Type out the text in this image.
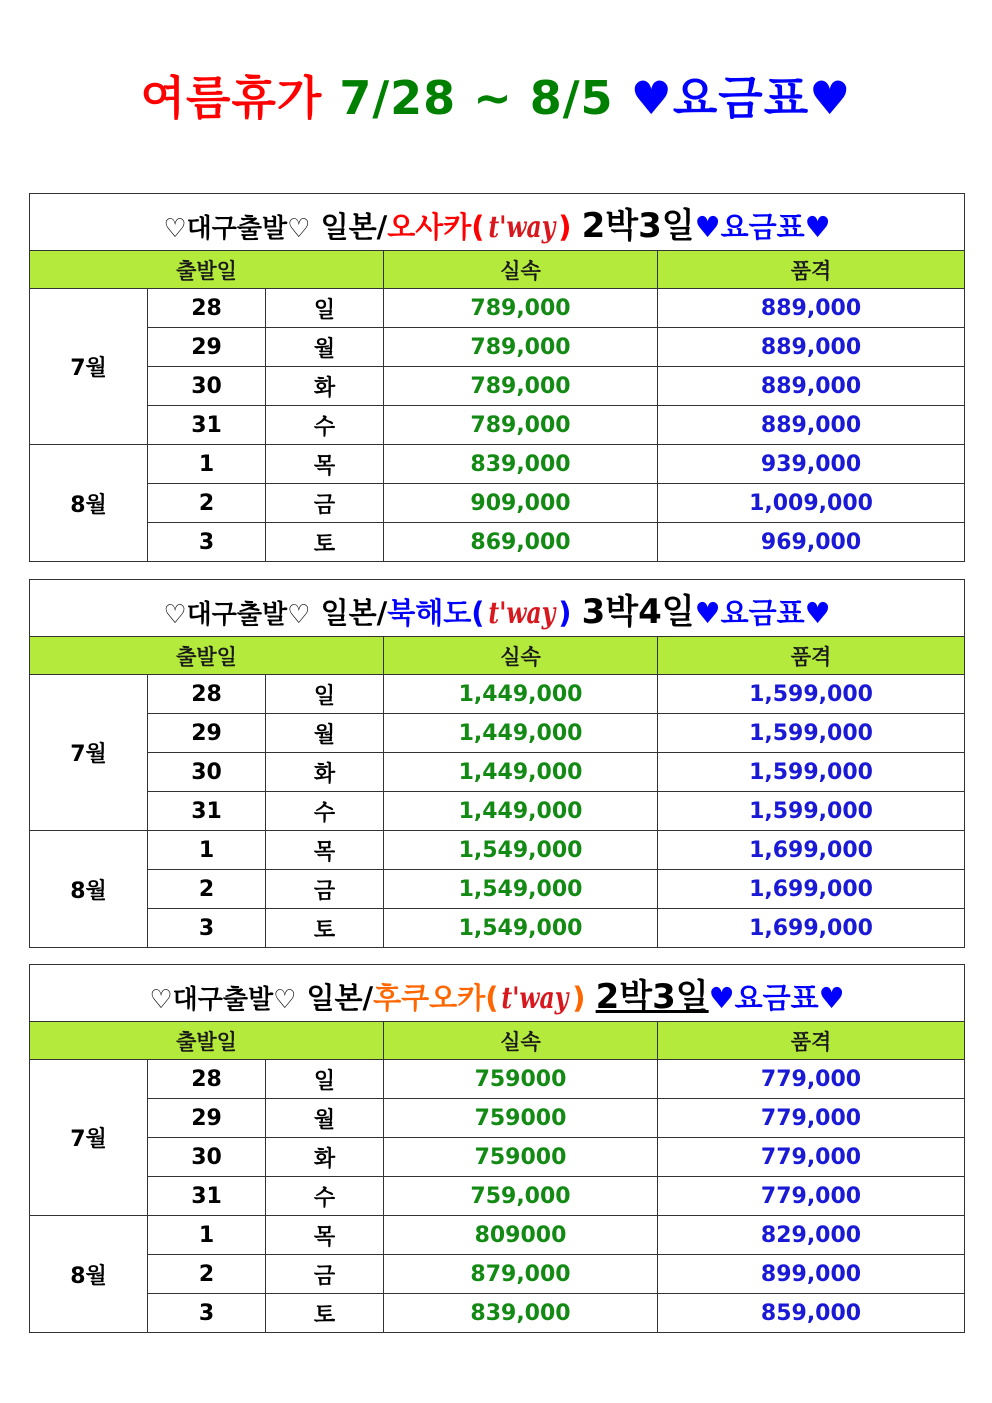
여름휴가 7/28 ~ 8/5 ♥요금표♥
♡대구출발♡ 일본/오사카( t'way ) 2박3일♥요금표♥				
출발일			실속	품격
7월	28	일	789,000	889,000
	29	월	789,000	889,000
	30	화	789,000	889,000
	31	수	789,000	889,000
8월	1	목	839,000	939,000
	2	금	909,000	1,009,000
	3	토	869,000	969,000
♡대구출발♡ 일본/북해도( t'way ) 3박4일♥요금표♥				
출발일			실속	품격
7월	28	일	1,449,000	1,599,000
	29	월	1,449,000	1,599,000
	30	화	1,449,000	1,599,000
	31	수	1,449,000	1,599,000
8월	1	목	1,549,000	1,699,000
	2	금	1,549,000	1,699,000
	3	토	1,549,000	1,699,000
♡대구출발♡ 일본/후쿠오카( t'way ) 2박3일♥요금표♥				
출발일			실속	품격
7월	28	일	759000	779,000
	29	월	759000	779,000
	30	화	759000	779,000
	31	수	759,000	779,000
8월	1	목	809000	829,000
	2	금	879,000	899,000
	3	토	839,000	859,000
